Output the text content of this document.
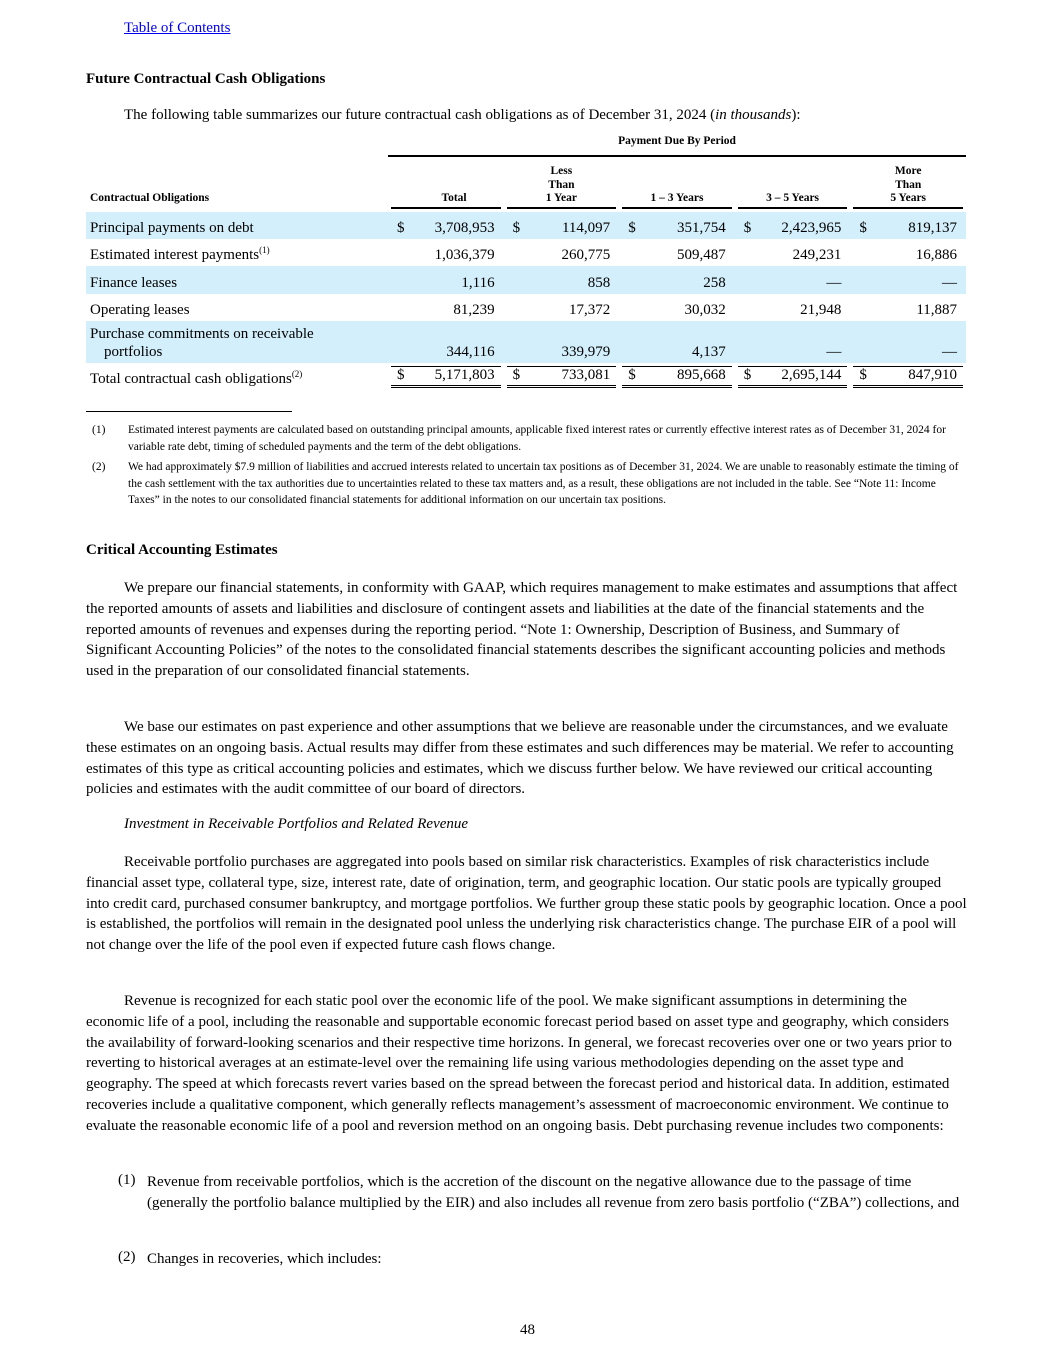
Table of Contents
Future Contractual Cash Obligations
The following table summarizes our future contractual cash obligations as of December 31, 2024 (in thousands):

	Payment Due By Period				

Contractual Obligations	Total	Less
Than
1 Year	1 – 3 Years	3 – 5 Years	More
Than
5 Years

Principal payments on debt	$ 3,708,953	$ 114,097	$ 351,754	$ 2,423,965	$ 819,137

Estimated interest payments$^{(1)}$	1,036,379	260,775	509,487	249,231	16,886

Finance leases	1,116	858	258	—	—

Operating leases	81,239	17,372	30,032	21,948	11,887

Purchase commitments on receivable
portfolios	344,116	339,979	4,137	—	—

Total contractual cash obligations$^{(2)}$	$ 5,171,803	$ 733,081	$ 895,668	$ 2,695,144	$ 847,910
(1) Estimated interest payments are calculated based on outstanding principal amounts, applicable fixed interest rates or currently effective interest rates as of December 31, 2024 for variable rate debt, timing of scheduled payments and the term of the debt obligations.
(2) We had approximately $7.9 million of liabilities and accrued interests related to uncertain tax positions as of December 31, 2024. We are unable to reasonably estimate the timing of the cash settlement with the tax authorities due to uncertainties related to these tax matters and, as a result, these obligations are not included in the table. See “Note 11: Income Taxes” in the notes to our consolidated financial statements for additional information on our uncertain tax positions.
Critical Accounting Estimates

We prepare our financial statements, in conformity with GAAP, which requires management to make estimates and assumptions that affect the reported amounts of assets and liabilities and disclosure of contingent assets and liabilities at the date of the financial statements and the reported amounts of revenues and expenses during the reporting period. “Note 1: Ownership, Description of Business, and Summary of Significant Accounting Policies” of the notes to the consolidated financial statements describes the significant accounting policies and methods used in the preparation of our consolidated financial statements.

We base our estimates on past experience and other assumptions that we believe are reasonable under the circumstances, and we evaluate these estimates on an ongoing basis. Actual results may differ from these estimates and such differences may be material. We refer to accounting estimates of this type as critical accounting policies and estimates, which we discuss further below. We have reviewed our critical accounting policies and estimates with the audit committee of our board of directors.

Investment in Receivable Portfolios and Related Revenue

Receivable portfolio purchases are aggregated into pools based on similar risk characteristics. Examples of risk characteristics include financial asset type, collateral type, size, interest rate, date of origination, term, and geographic location. Our static pools are typically grouped into credit card, purchased consumer bankruptcy, and mortgage portfolios. We further group these static pools by geographic location. Once a pool is established, the portfolios will remain in the designated pool unless the underlying risk characteristics change. The purchase EIR of a pool will not change over the life of the pool even if expected future cash flows change.

Revenue is recognized for each static pool over the economic life of the pool. We make significant assumptions in determining the economic life of a pool, including the reasonable and supportable economic forecast period based on asset type and geography, which considers the availability of forward-looking scenarios and their respective time horizons. In general, we forecast recoveries over one or two years prior to reverting to historical averages at an estimate-level over the remaining life using various methodologies depending on the asset type and geography. The speed at which forecasts revert varies based on the spread between the forecast period and historical data. In addition, estimated recoveries include a qualitative component, which generally reflects management’s assessment of macroeconomic environment. We continue to evaluate the reasonable economic life of a pool and reversion method on an ongoing basis. Debt purchasing revenue includes two components:

(1) Revenue from receivable portfolios, which is the accretion of the discount on the negative allowance due to the passage of time (generally the portfolio balance multiplied by the EIR) and also includes all revenue from zero basis portfolio (“ZBA”) collections, and
(2) Changes in recoveries, which includes:
48
